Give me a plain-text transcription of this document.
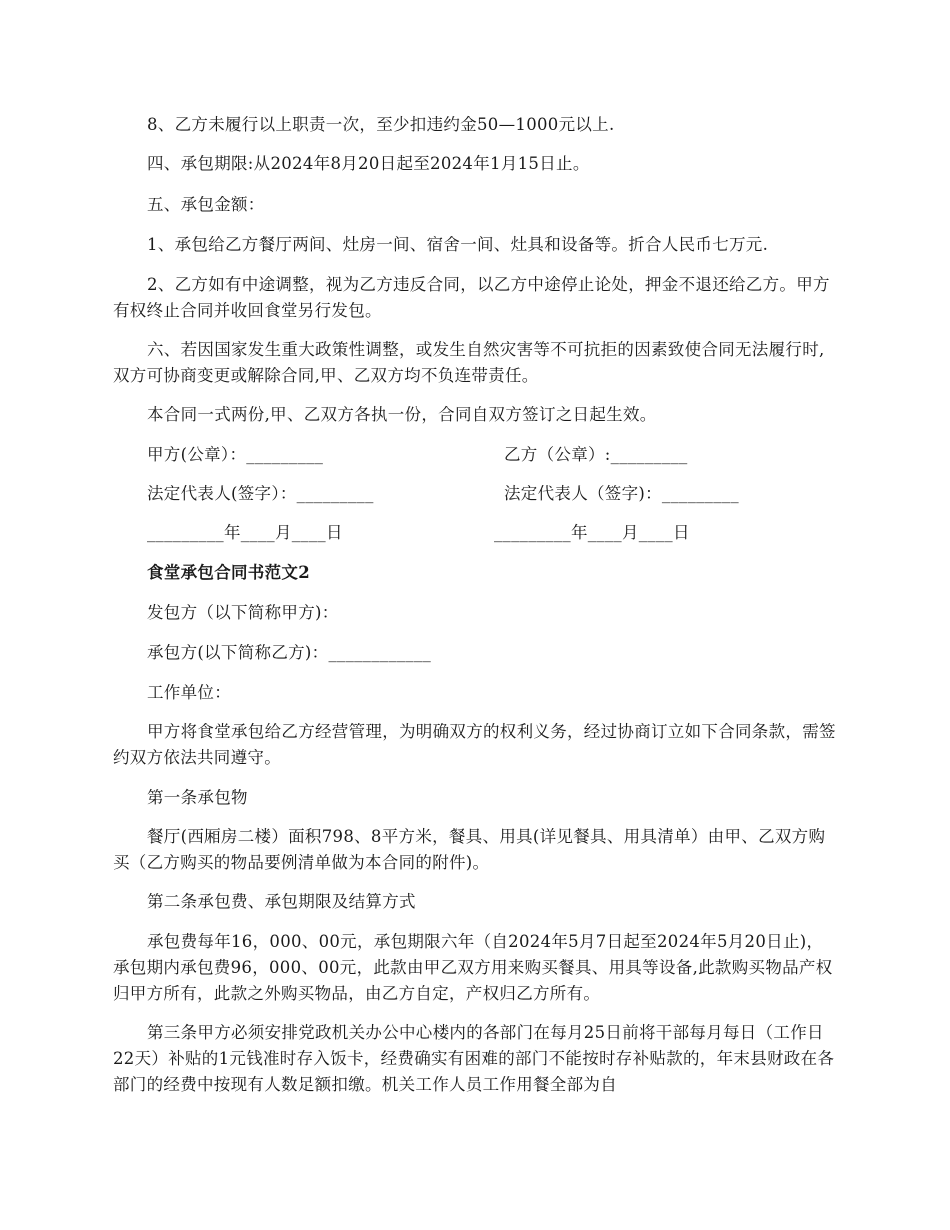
8、乙方未履行以上职责一次，至少扣违约金50—1000元以上.

四、承包期限:从2024年8月20日起至2024年1月15日止。

五、承包金额：

1、承包给乙方餐厅两间、灶房一间、宿舍一间、灶具和设备等。折合人民币七万元.

2、乙方如有中途调整，视为乙方违反合同，以乙方中途停止论处，押金不退还给乙方。甲方有权终止合同并收回食堂另行发包。

六、若因国家发生重大政策性调整，或发生自然灾害等不可抗拒的因素致使合同无法履行时,双方可协商变更或解除合同,甲、乙双方均不负连带责任。

本合同一式两份,甲、乙双方各执一份，合同自双方签订之日起生效。

甲方(公章）：_________	乙方（公章）:_________
法定代表人(签字）：_________	法定代表人（签字)：_________
_________年____月____日	_________年____月____日
食堂承包合同书范文2

发包方（以下简称甲方)：

承包方(以下简称乙方)：____________

工作单位：

甲方将食堂承包给乙方经营管理，为明确双方的权利义务，经过协商订立如下合同条款，需签约双方依法共同遵守。

第一条承包物

餐厅(西厢房二楼）面积798、8平方米，餐具、用具(详见餐具、用具清单）由甲、乙双方购买（乙方购买的物品要例清单做为本合同的附件)。

第二条承包费、承包期限及结算方式

承包费每年16，000、00元，承包期限六年（自2024年5月7日起至2024年5月20日止)，承包期内承包费96，000、00元，此款由甲乙双方用来购买餐具、用具等设备,此款购买物品产权归甲方所有，此款之外购买物品，由乙方自定，产权归乙方所有。

第三条甲方必须安排党政机关办公中心楼内的各部门在每月25日前将干部每月每日（工作日22天）补贴的1元钱准时存入饭卡，经费确实有困难的部门不能按时存补贴款的，年末县财政在各部门的经费中按现有人数足额扣缴。机关工作人员工作用餐全部为自
